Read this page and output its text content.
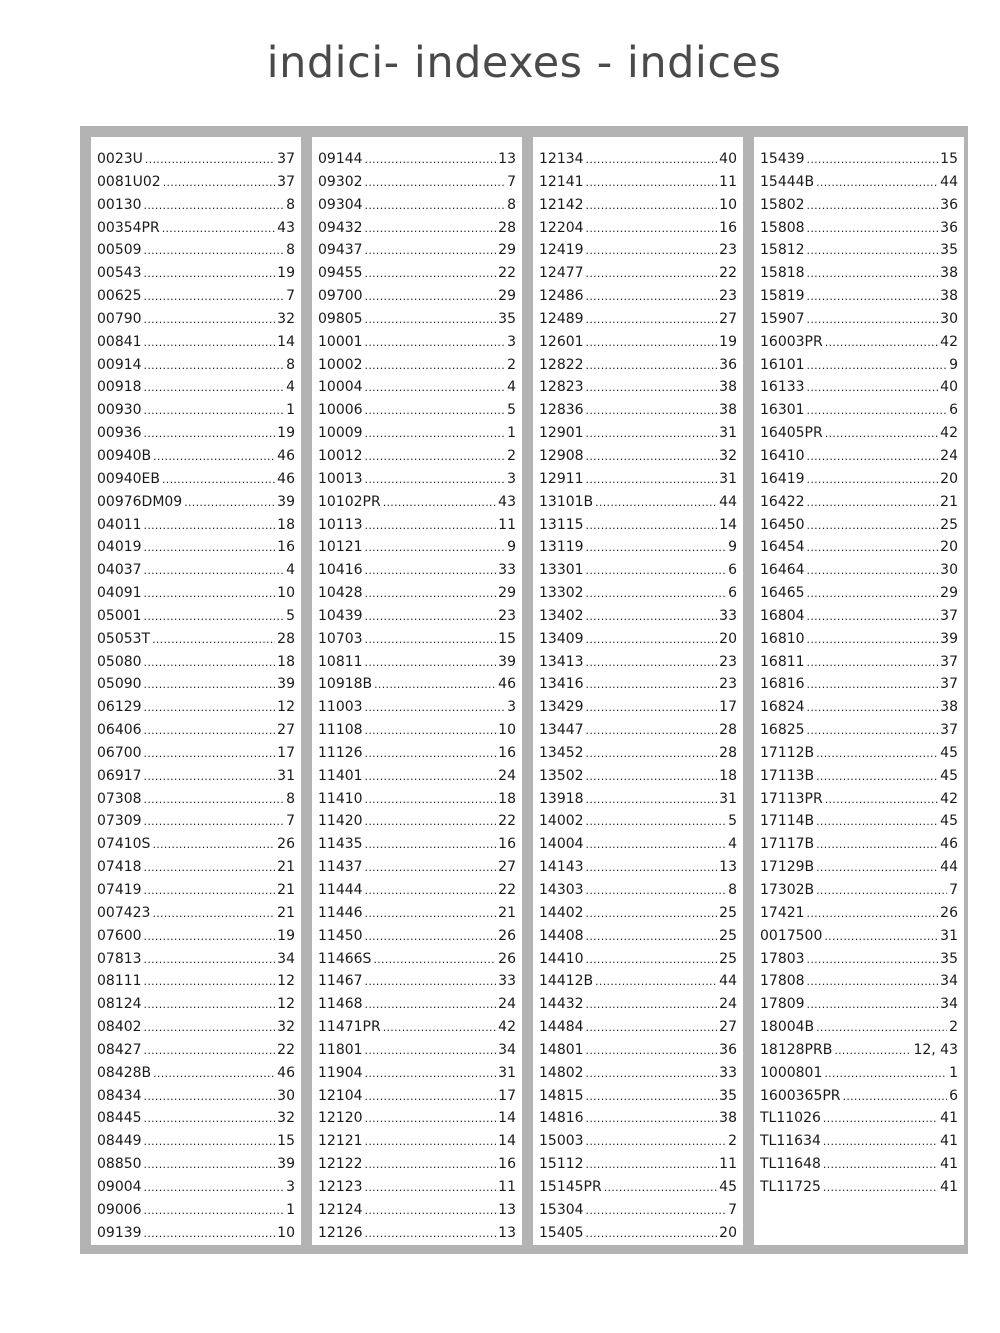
indici- indexes - indices
0023U .....	37
0081U02 .....	37
00130 .....	8
00354PR .....	43
00509 .....	8
00543 .....	19
00625 .....	7
00790 .....	32
00841 .....	14
00914 .....	8
00918 .....	4
00930 .....	1
00936 .....	19
00940B .....	46
00940EB .....	46
00976DM09 .....	39
04011 .....	18
04019 .....	16
04037 .....	4
04091 .....	10
05001 .....	5
05053T .....	28
05080 .....	18
05090 .....	39
06129 .....	12
06406 .....	27
06700 .....	17
06917 .....	31
07308 .....	8
07309 .....	7
07410S .....	26
07418 .....	21
07419 .....	21
007423 .....	21
07600 .....	19
07813 .....	34
08111 .....	12
08124 .....	12
08402 .....	32
08427 .....	22
08428B .....	46
08434 .....	30
08445 .....	32
08449 .....	15
08850 .....	39
09004 .....	3
09006 .....	1
09139 .....	10
09144 .....	13
09302 .....	7
09304 .....	8
09432 .....	28
09437 .....	29
09455 .....	22
09700 .....	29
09805 .....	35
10001 .....	3
10002 .....	2
10004 .....	4
10006 .....	5
10009 .....	1
10012 .....	2
10013 .....	3
10102PR .....	43
10113 .....	11
10121 .....	9
10416 .....	33
10428 .....	29
10439 .....	23
10703 .....	15
10811 .....	39
10918B .....	46
11003 .....	3
11108 .....	10
11126 .....	16
11401 .....	24
11410 .....	18
11420 .....	22
11435 .....	16
11437 .....	27
11444 .....	22
11446 .....	21
11450 .....	26
11466S .....	26
11467 .....	33
11468 .....	24
11471PR .....	42
11801 .....	34
11904 .....	31
12104 .....	17
12120 .....	14
12121 .....	14
12122 .....	16
12123 .....	11
12124 .....	13
12126 .....	13
12134 .....	40
12141 .....	11
12142 .....	10
12204 .....	16
12419 .....	23
12477 .....	22
12486 .....	23
12489 .....	27
12601 .....	19
12822 .....	36
12823 .....	38
12836 .....	38
12901 .....	31
12908 .....	32
12911 .....	31
13101B .....	44
13115 .....	14
13119 .....	9
13301 .....	6
13302 .....	6
13402 .....	33
13409 .....	20
13413 .....	23
13416 .....	23
13429 .....	17
13447 .....	28
13452 .....	28
13502 .....	18
13918 .....	31
14002 .....	5
14004 .....	4
14143 .....	13
14303 .....	8
14402 .....	25
14408 .....	25
14410 .....	25
14412B .....	44
14432 .....	24
14484 .....	27
14801 .....	36
14802 .....	33
14815 .....	35
14816 .....	38
15003 .....	2
15112 .....	11
15145PR .....	45
15304 .....	7
15405 .....	20
15439 .....	15
15444B .....	44
15802 .....	36
15808 .....	36
15812 .....	35
15818 .....	38
15819 .....	38
15907 .....	30
16003PR .....	42
16101 .....	9
16133 .....	40
16301 .....	6
16405PR .....	42
16410 .....	24
16419 .....	20
16422 .....	21
16450 .....	25
16454 .....	20
16464 .....	30
16465 .....	29
16804 .....	37
16810 .....	39
16811 .....	37
16816 .....	37
16824 .....	38
16825 .....	37
17112B .....	45
17113B .....	45
17113PR .....	42
17114B .....	45
17117B .....	46
17129B .....	44
17302B .....	7
17421 .....	26
0017500 .....	31
17803 .....	35
17808 .....	34
17809 .....	34
18004B .....	2
18128PRB .....	12, 43
1000801 .....	1
1600365PR .....	6
TL11026 .....	41
TL11634 .....	41
TL11648 .....	41
TL11725 .....	41
